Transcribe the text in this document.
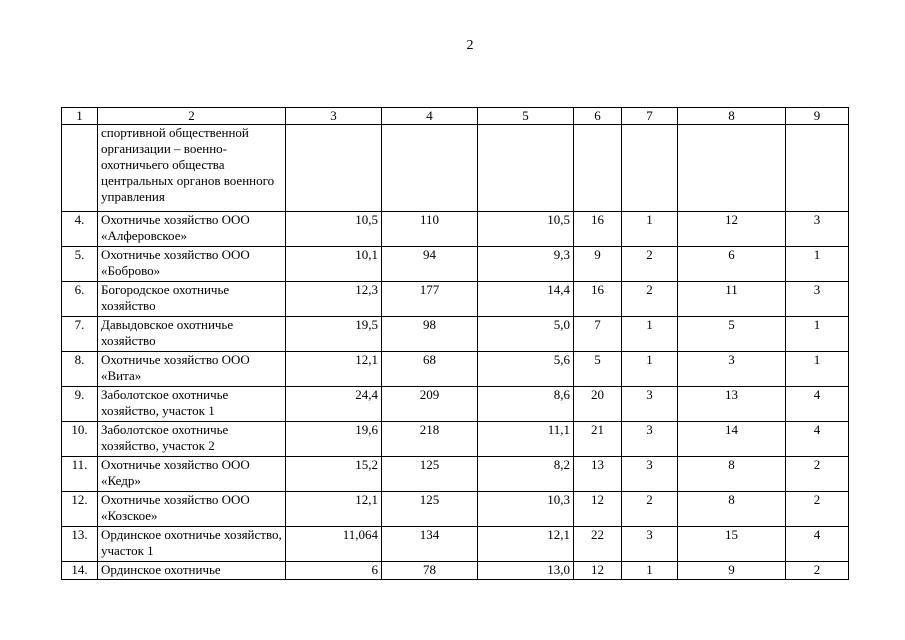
2
1	2	3	4	5	6	7	8	9
	спортивной общественной организации – военно-охотничьего общества центральных органов военного управления							
4.	Охотничье хозяйство ООО «Алферовское»	10,5	110	10,5	16	1	12	3
5.	Охотничье хозяйство ООО «Боброво»	10,1	94	9,3	9	2	6	1
6.	Богородское охотничье хозяйство	12,3	177	14,4	16	2	11	3
7.	Давыдовское охотничье хозяйство	19,5	98	5,0	7	1	5	1
8.	Охотничье хозяйство ООО «Вита»	12,1	68	5,6	5	1	3	1
9.	Заболотское охотничье хозяйство, участок 1	24,4	209	8,6	20	3	13	4
10.	Заболотское охотничье хозяйство, участок 2	19,6	218	11,1	21	3	14	4
11.	Охотничье хозяйство ООО «Кедр»	15,2	125	8,2	13	3	8	2
12.	Охотничье хозяйство ООО «Козское»	12,1	125	10,3	12	2	8	2
13.	Ординское охотничье хозяйство, участок 1	11,064	134	12,1	22	3	15	4
14.	Ординское охотничье	6	78	13,0	12	1	9	2
